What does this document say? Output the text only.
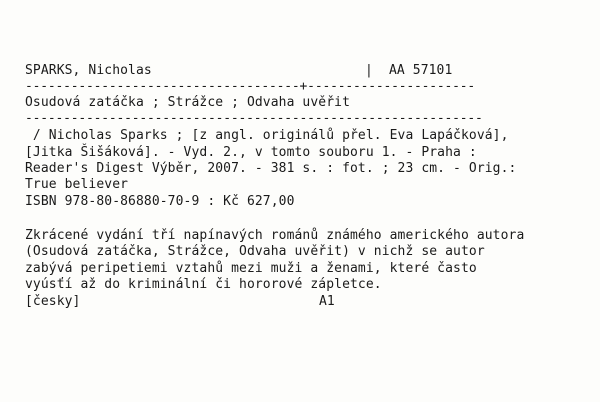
SPARKS, Nicholas	| AA 57101
------------------------------------+----------------------
Osudová zatáčka ; Strážce ; Odvaha uvěřit
------------------------------------------------------------
/ Nicholas Sparks ; [z angl. originálů přel. Eva Lapáčková],
[Jitka Šišáková]. - Vyd. 2., v tomto souboru 1. - Praha :
Reader's Digest Výběr, 2007. - 381 s. : fot. ; 23 cm. - Orig.:
True believer
ISBN 978-80-86880-70-9 : Kč 627,00
Zkrácené vydání tří napínavých románů známého amerického autora
(Osudová zatáčka, Strážce, Odvaha uvěřit) v nichž se autor
zabývá peripetiemi vztahů mezi muži a ženami, které často
vyúsťí až do kriminální či hororové zápletce.
[česky]	A1
